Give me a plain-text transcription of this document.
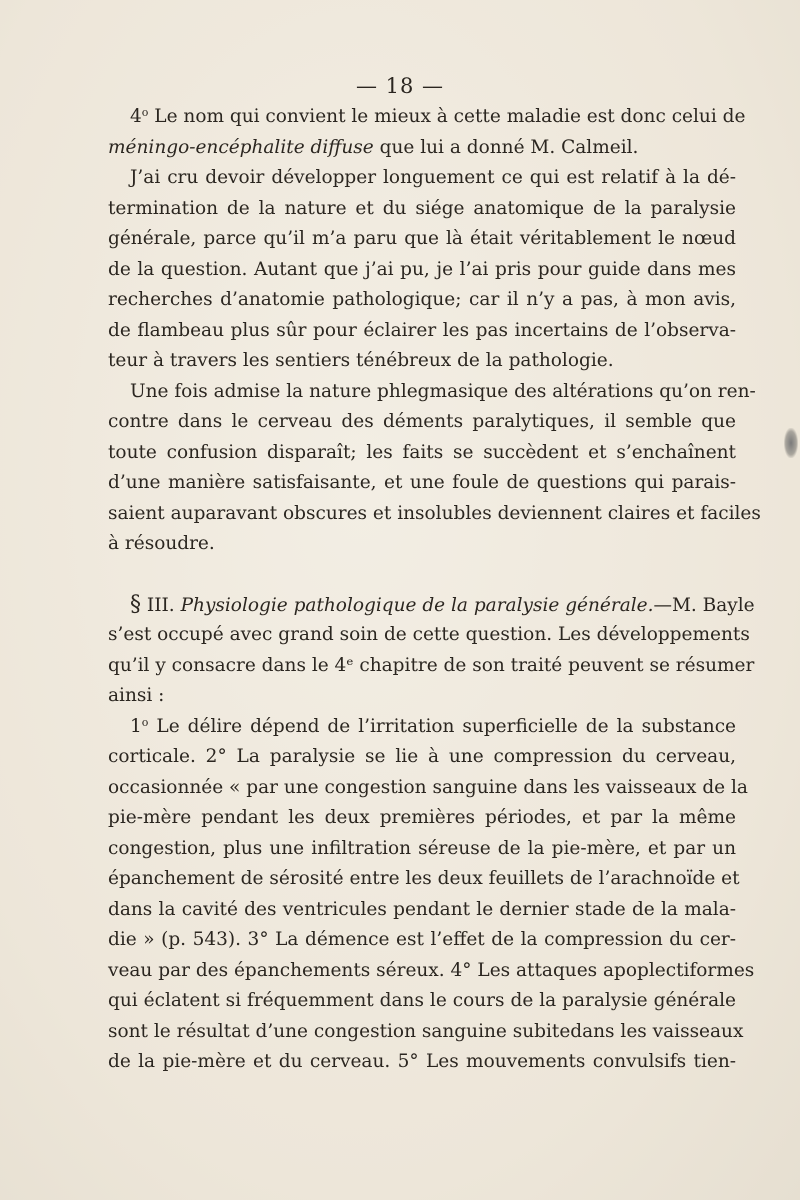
— 18 —
4$^o$ Le nom qui convient le mieux à cette maladie est donc celui de
méningo-encéphalite diffuse que lui a donné M. Calmeil.
J’ai cru devoir développer longuement ce qui est relatif à la dé-
termination de la nature et du siége anatomique de la paralysie
générale, parce qu’il m’a paru que là était véritablement le nœud
de la question. Autant que j’ai pu, je l’ai pris pour guide dans mes
recherches d’anatomie pathologique; car il n’y a pas, à mon avis,
de flambeau plus sûr pour éclairer les pas incertains de l’observa-
teur à travers les sentiers ténébreux de la pathologie.
Une fois admise la nature phlegmasique des altérations qu’on ren-
contre dans le cerveau des déments paralytiques, il semble que
toute confusion disparaît; les faits se succèdent et s’enchaînent
d’une manière satisfaisante, et une foule de questions qui parais-
saient auparavant obscures et insolubles deviennent claires et faciles
à résoudre.
§ III. Physiologie pathologique de la paralysie générale.—M. Bayle
s’est occupé avec grand soin de cette question. Les développements
qu’il y consacre dans le 4ᵉ chapitre de son traité peuvent se résumer
ainsi :
1$^o$ Le délire dépend de l’irritation superficielle de la substance
corticale. 2° La paralysie se lie à une compression du cerveau,
occasionnée « par une congestion sanguine dans les vaisseaux de la
pie-mère pendant les deux premières périodes, et par la même
congestion, plus une infiltration séreuse de la pie-mère, et par un
épanchement de sérosité entre les deux feuillets de l’arachnoïde et
dans la cavité des ventricules pendant le dernier stade de la mala-
die » (p. 543). 3° La démence est l’effet de la compression du cer-
veau par des épanchements séreux. 4° Les attaques apoplectiformes
qui éclatent si fréquemment dans le cours de la paralysie générale
sont le résultat d’une congestion sanguine subitedans les vaisseaux
de la pie-mère et du cerveau. 5° Les mouvements convulsifs tien-
